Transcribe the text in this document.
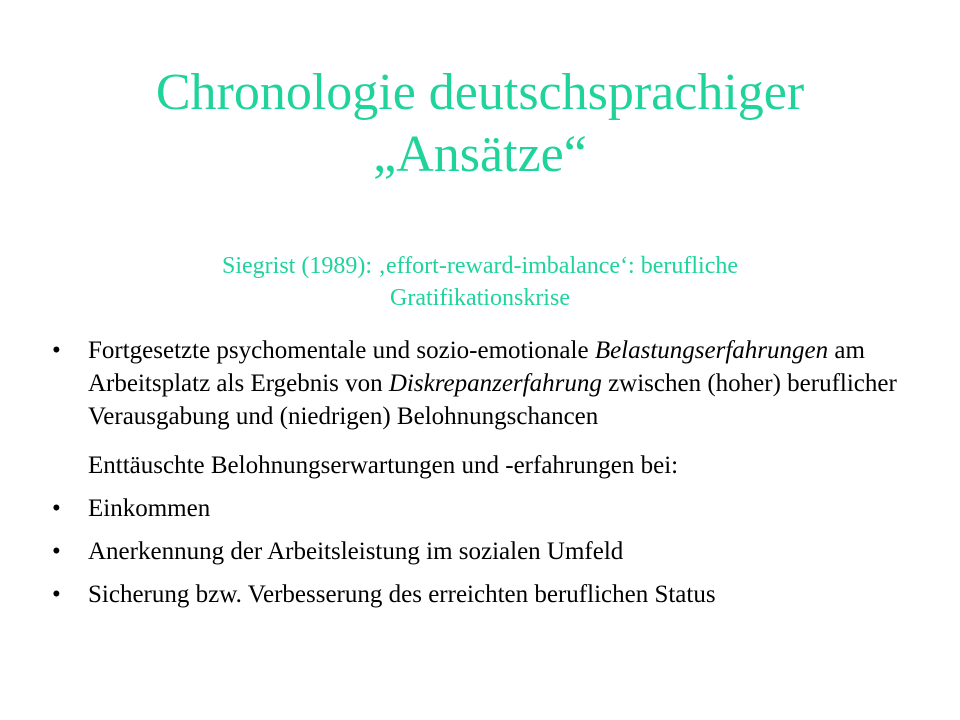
Chronologie deutschsprachiger
„Ansätze“

Siegrist (1989): ‚effort-reward-imbalance‘: berufliche
Gratifikationskrise

• Fortgesetzte psychomentale und sozio-emotionale Belastungserfahrungen am Arbeitsplatz als Ergebnis von Diskrepanzerfahrung zwischen (hoher) beruflicher Verausgabung und (niedrigen) Belohnungschancen
Enttäuschte Belohnungserwartungen und -erfahrungen bei:
• Einkommen
• Anerkennung der Arbeitsleistung im sozialen Umfeld
• Sicherung bzw. Verbesserung des erreichten beruflichen Status
